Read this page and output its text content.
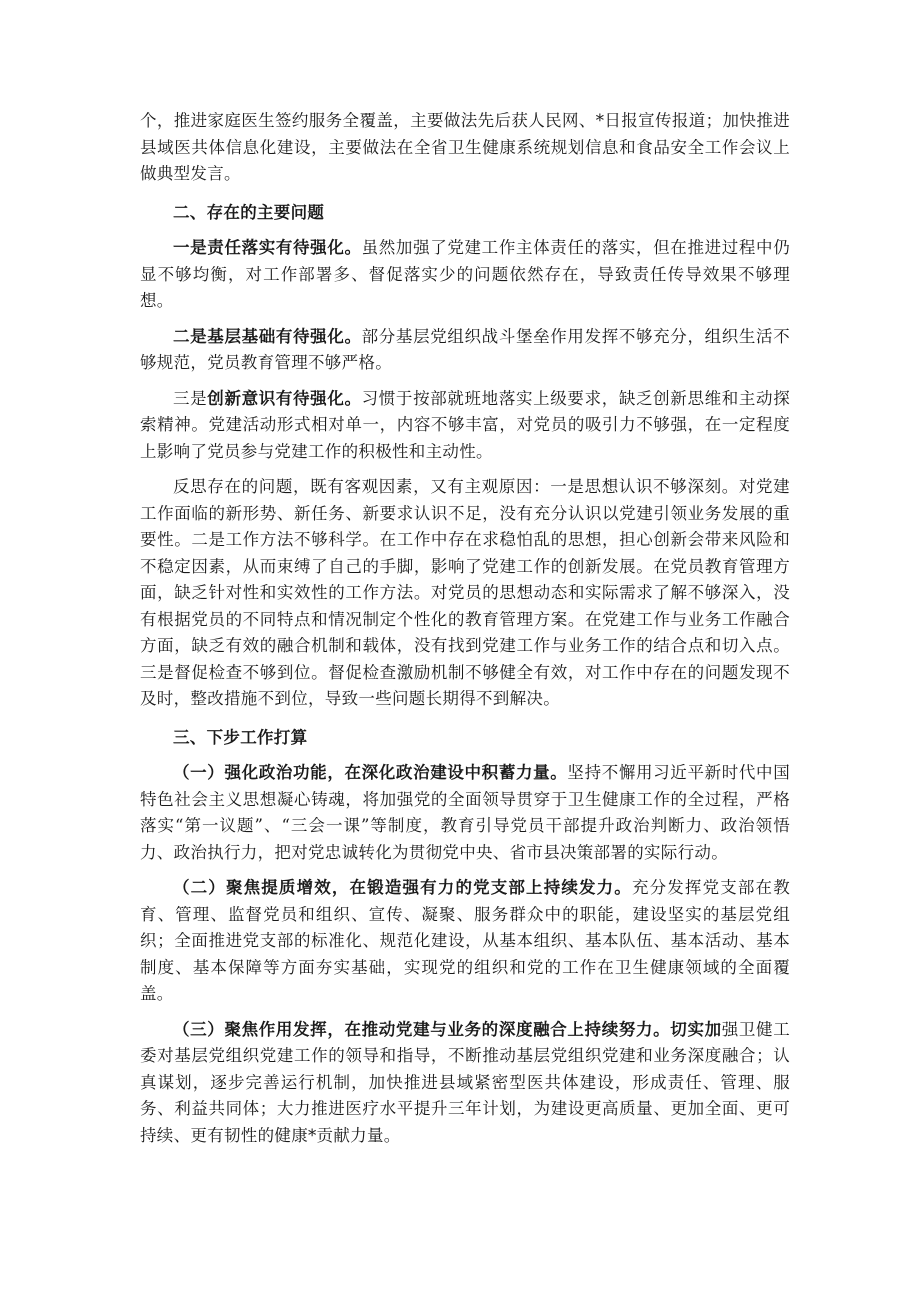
个，推进家庭医生签约服务全覆盖，主要做法先后获人民网、*日报宣传报道；加快推进县域医共体信息化建设，主要做法在全省卫生健康系统规划信息和食品安全工作会议上做典型发言。

二、存在的主要问题

一是责任落实有待强化。虽然加强了党建工作主体责任的落实，但在推进过程中仍显不够均衡，对工作部署多、督促落实少的问题依然存在，导致责任传导效果不够理想。

二是基层基础有待强化。部分基层党组织战斗堡垒作用发挥不够充分，组织生活不够规范，党员教育管理不够严格。

三是创新意识有待强化。习惯于按部就班地落实上级要求，缺乏创新思维和主动探索精神。党建活动形式相对单一，内容不够丰富，对党员的吸引力不够强，在一定程度上影响了党员参与党建工作的积极性和主动性。

反思存在的问题，既有客观因素，又有主观原因：一是思想认识不够深刻。对党建工作面临的新形势、新任务、新要求认识不足，没有充分认识以党建引领业务发展的重要性。二是工作方法不够科学。在工作中存在求稳怕乱的思想，担心创新会带来风险和不稳定因素，从而束缚了自己的手脚，影响了党建工作的创新发展。在党员教育管理方面，缺乏针对性和实效性的工作方法。对党员的思想动态和实际需求了解不够深入，没有根据党员的不同特点和情况制定个性化的教育管理方案。在党建工作与业务工作融合方面，缺乏有效的融合机制和载体，没有找到党建工作与业务工作的结合点和切入点。三是督促检查不够到位。督促检查激励机制不够健全有效，对工作中存在的问题发现不及时，整改措施不到位，导致一些问题长期得不到解决。

三、下步工作打算

（一）强化政治功能，在深化政治建设中积蓄力量。坚持不懈用习近平新时代中国特色社会主义思想凝心铸魂，将加强党的全面领导贯穿于卫生健康工作的全过程，严格落实“第一议题”、“三会一课”等制度，教育引导党员干部提升政治判断力、政治领悟力、政治执行力，把对党忠诚转化为贯彻党中央、省市县决策部署的实际行动。

（二）聚焦提质增效，在锻造强有力的党支部上持续发力。充分发挥党支部在教育、管理、监督党员和组织、宣传、凝聚、服务群众中的职能，建设坚实的基层党组织；全面推进党支部的标准化、规范化建设，从基本组织、基本队伍、基本活动、基本制度、基本保障等方面夯实基础，实现党的组织和党的工作在卫生健康领域的全面覆盖。

（三）聚焦作用发挥，在推动党建与业务的深度融合上持续努力。切实加强卫健工委对基层党组织党建工作的领导和指导，不断推动基层党组织党建和业务深度融合；认真谋划，逐步完善运行机制，加快推进县域紧密型医共体建设，形成责任、管理、服务、利益共同体；大力推进医疗水平提升三年计划，为建设更高质量、更加全面、更可持续、更有韧性的健康*贡献力量。
